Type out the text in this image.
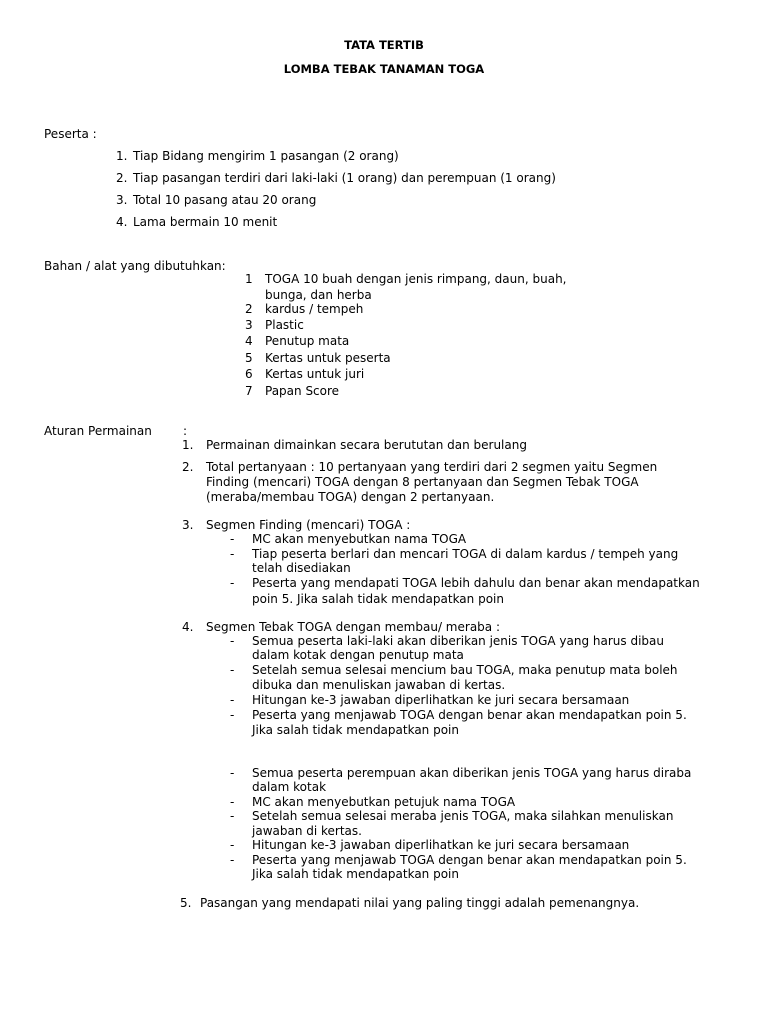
TATA TERTIB
LOMBA TEBAK TANAMAN TOGA
Peserta :
1. Tiap Bidang mengirim 1 pasangan (2 orang)
2. Tiap pasangan terdiri dari laki-laki (1 orang) dan perempuan (1 orang)
3. Total 10 pasang atau 20 orang
4. Lama bermain 10 menit
Bahan / alat yang dibutuhkan:
1 TOGA 10 buah dengan jenis rimpang, daun, buah,
bunga, dan herba
2 kardus / tempeh
3 Plastic
4 Penutup mata
5 Kertas untuk peserta
6 Kertas untuk juri
7 Papan Score
Aturan Permainan	:
1. Permainan dimainkan secara berututan dan berulang
2. Total pertanyaan : 10 pertanyaan yang terdiri dari 2 segmen yaitu Segmen
Finding (mencari) TOGA dengan 8 pertanyaan dan Segmen Tebak TOGA
(meraba/membau TOGA) dengan 2 pertanyaan.
3. Segmen Finding (mencari) TOGA :
- MC akan menyebutkan nama TOGA
- Tiap peserta berlari dan mencari TOGA di dalam kardus / tempeh yang
telah disediakan
- Peserta yang mendapati TOGA lebih dahulu dan benar akan mendapatkan
poin 5. Jika salah tidak mendapatkan poin
4. Segmen Tebak TOGA dengan membau/ meraba :
- Semua peserta laki-laki akan diberikan jenis TOGA yang harus dibau
dalam kotak dengan penutup mata
- Setelah semua selesai mencium bau TOGA, maka penutup mata boleh
dibuka dan menuliskan jawaban di kertas.
- Hitungan ke-3 jawaban diperlihatkan ke juri secara bersamaan
- Peserta yang menjawab TOGA dengan benar akan mendapatkan poin 5.
Jika salah tidak mendapatkan poin
- Semua peserta perempuan akan diberikan jenis TOGA yang harus diraba
dalam kotak
- MC akan menyebutkan petujuk nama TOGA
- Setelah semua selesai meraba jenis TOGA, maka silahkan menuliskan
jawaban di kertas.
- Hitungan ke-3 jawaban diperlihatkan ke juri secara bersamaan
- Peserta yang menjawab TOGA dengan benar akan mendapatkan poin 5.
Jika salah tidak mendapatkan poin
5. Pasangan yang mendapati nilai yang paling tinggi adalah pemenangnya.
